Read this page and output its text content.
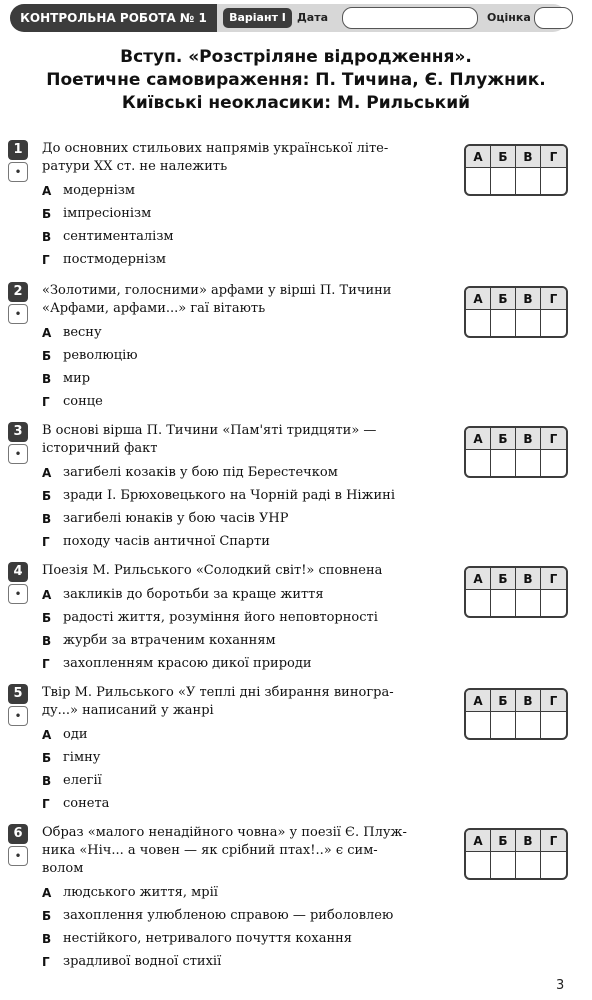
КОНТРОЛЬНА РОБОТА № 1	Варіант І	Дата	Оцінка
Вступ. «Розстріляне відродження».
Поетичне самовираження: П. Тичина, Є. Плужник.
Київські неокласики: М. Рильський
1
•

До основних стильових напрямів української літе-

ратури XX ст. не належить

А модернізм
Б імпресіонізм
В сентименталізм
Г	постмодернізм
А	Б	В	Г
2
•

«Золотими, голосними» арфами у вірші П. Тичини

«Арфами, арфами...» гаї вітають

А весну
Б революцію
В мир
Г	сонце
А	Б	В	Г
3
•

В основі вірша П. Тичини «Пам'яті тридцяти» —

історичний факт

А загибелі козаків у бою під Берестечком
Б зради І. Брюховецького на Чорній раді в Ніжині
В загибелі юнаків у бою часів УНР
Г	походу часів античної Спарти
А	Б	В	Г
4
•

Поезія М. Рильського «Солодкий світ!» сповнена

А закликів до боротьби за краще життя
Б радості життя, розуміння його неповторності
В журби за втраченим коханням
Г	захопленням красою дикої природи
А	Б	В	Г
5
•

Твір М. Рильського «У теплі дні збирання виногра-

ду...» написаний у жанрі

А оди
Б гімну
В елегії
Г	сонета
А	Б	В	Г
6
•

Образ «малого ненадійного човна» у поезії Є. Плуж-

ника «Ніч... а човен — як срібний птах!..» є сим-

волом

А людського життя, мрії
Б захоплення улюбленою справою — риболовлею
В нестійкого, нетривалого почуття кохання
Г	зрадливої водної стихії
А	Б	В	Г
3
